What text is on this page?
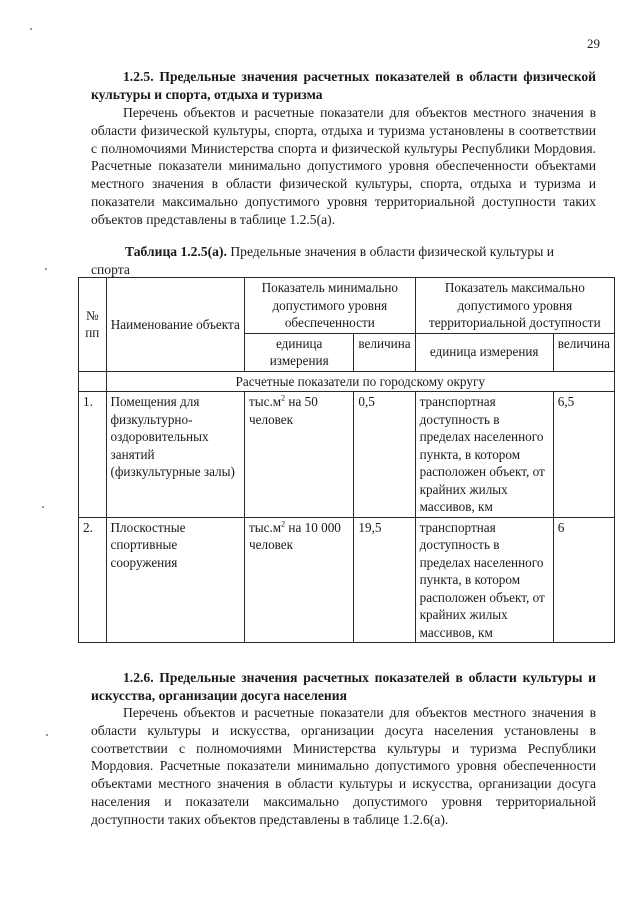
29
1.2.5. Предельные значения расчетных показателей в области физической культуры и спорта, отдыха и туризма
Перечень объектов и расчетные показатели для объектов местного значения в области физической культуры, спорта, отдыха и туризма установлены в соответствии с полномочиями Министерства спорта и физической культуры Республики Мордовия. Расчетные показатели минимально допустимого уровня обеспеченности объектами местного значения в области физической культуры, спорта, отдыха и туризма и показатели максимально допустимого уровня территориальной доступности таких объектов представлены в таблице 1.2.5(а).
Таблица 1.2.5(а). Предельные значения в области физической культуры и спорта
№ пп	Наименование объекта	Показатель минимально допустимого уровня обеспеченности		Показатель максимально допустимого уровня территориальной доступности	
		единица измерения	величина	единица измерения	величина
	Расчетные показатели по городскому округу				
1.	Помещения для физкультурно-оздоровительных занятий (физкультурные залы)	$тыс.м^2$ на 50 человек	0,5	транспортная доступность в пределах населенного пункта, в котором расположен объект, от крайних жилых массивов, км	6,5
2.	Плоскостные спортивные сооружения	$тыс.м^2$ на 10 000 человек	19,5	транспортная доступность в пределах населенного пункта, в котором расположен объект, от крайних жилых массивов, км	6
1.2.6. Предельные значения расчетных показателей в области культуры и искусства, организации досуга населения
Перечень объектов и расчетные показатели для объектов местного значения в области культуры и искусства, организации досуга населения установлены в соответствии с полномочиями Министерства культуры и туризма Республики Мордовия. Расчетные показатели минимально допустимого уровня обеспеченности объектами местного значения в области культуры и искусства, организации досуга населения и показатели максимально допустимого уровня территориальной доступности таких объектов представлены в таблице 1.2.6(а).
